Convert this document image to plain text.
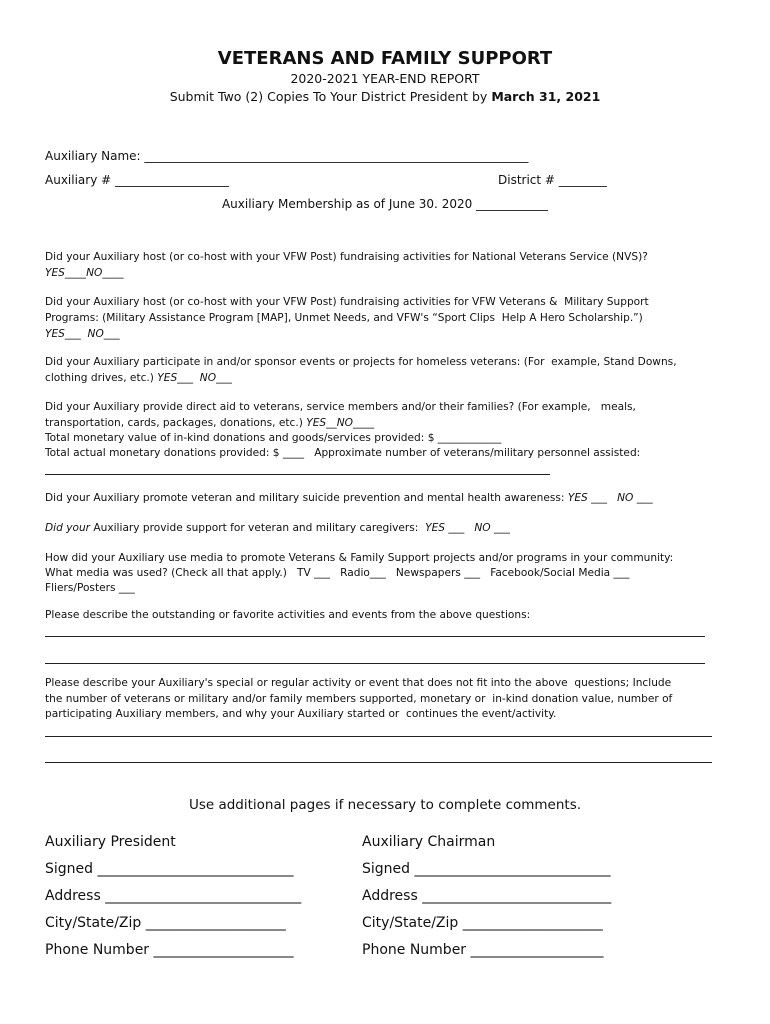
VETERANS AND FAMILY SUPPORT
2020-2021 YEAR-END REPORT
Submit Two (2) Copies To Your District President by March 31, 2021
Auxiliary Name: ________________________________________________________________
Auxiliary # ___________________	District # ________
Auxiliary Membership as of June 30. 2020 ____________
Did your Auxiliary host (or co-host with your VFW Post) fundraising activities for National Veterans Service (NVS)?
YES____NO____
Did your Auxiliary host (or co-host with your VFW Post) fundraising activities for VFW Veterans &  Military Support
Programs: (Military Assistance Program [MAP], Unmet Needs, and VFW's “Sport Clips  Help A Hero Scholarship.”)
YES___  NO___
Did your Auxiliary participate in and/or sponsor events or projects for homeless veterans: (For  example, Stand Downs,
clothing drives, etc.) YES___  NO___
Did your Auxiliary provide direct aid to veterans, service members and/or their families? (For example,   meals,
transportation, cards, packages, donations, etc.) YES__NO____
Total monetary value of in-kind donations and goods/services provided: $ ____________
Total actual monetary donations provided: $ ____   Approximate number of veterans/military personnel assisted:
Did your Auxiliary promote veteran and military suicide prevention and mental health awareness: YES ___   NO ___
Did your Auxiliary provide support for veteran and military caregivers:  YES ___   NO ___
How did your Auxiliary use media to promote Veterans & Family Support projects and/or programs in your community:
What media was used? (Check all that apply.)   TV ___   Radio___   Newspapers ___   Facebook/Social Media ___
Fliers/Posters ___
Please describe the outstanding or favorite activities and events from the above questions:
Please describe your Auxiliary's special or regular activity or event that does not fit into the above  questions; Include
the number of veterans or military and/or family members supported, monetary or  in-kind donation value, number of
participating Auxiliary members, and why your Auxiliary started or  continues the event/activity.
Use additional pages if necessary to complete comments.
Auxiliary President
Signed ____________________________
Address ____________________________
City/State/Zip ____________________
Phone Number ____________________
Auxiliary Chairman
Signed ____________________________
Address ___________________________
City/State/Zip ____________________
Phone Number ___________________
